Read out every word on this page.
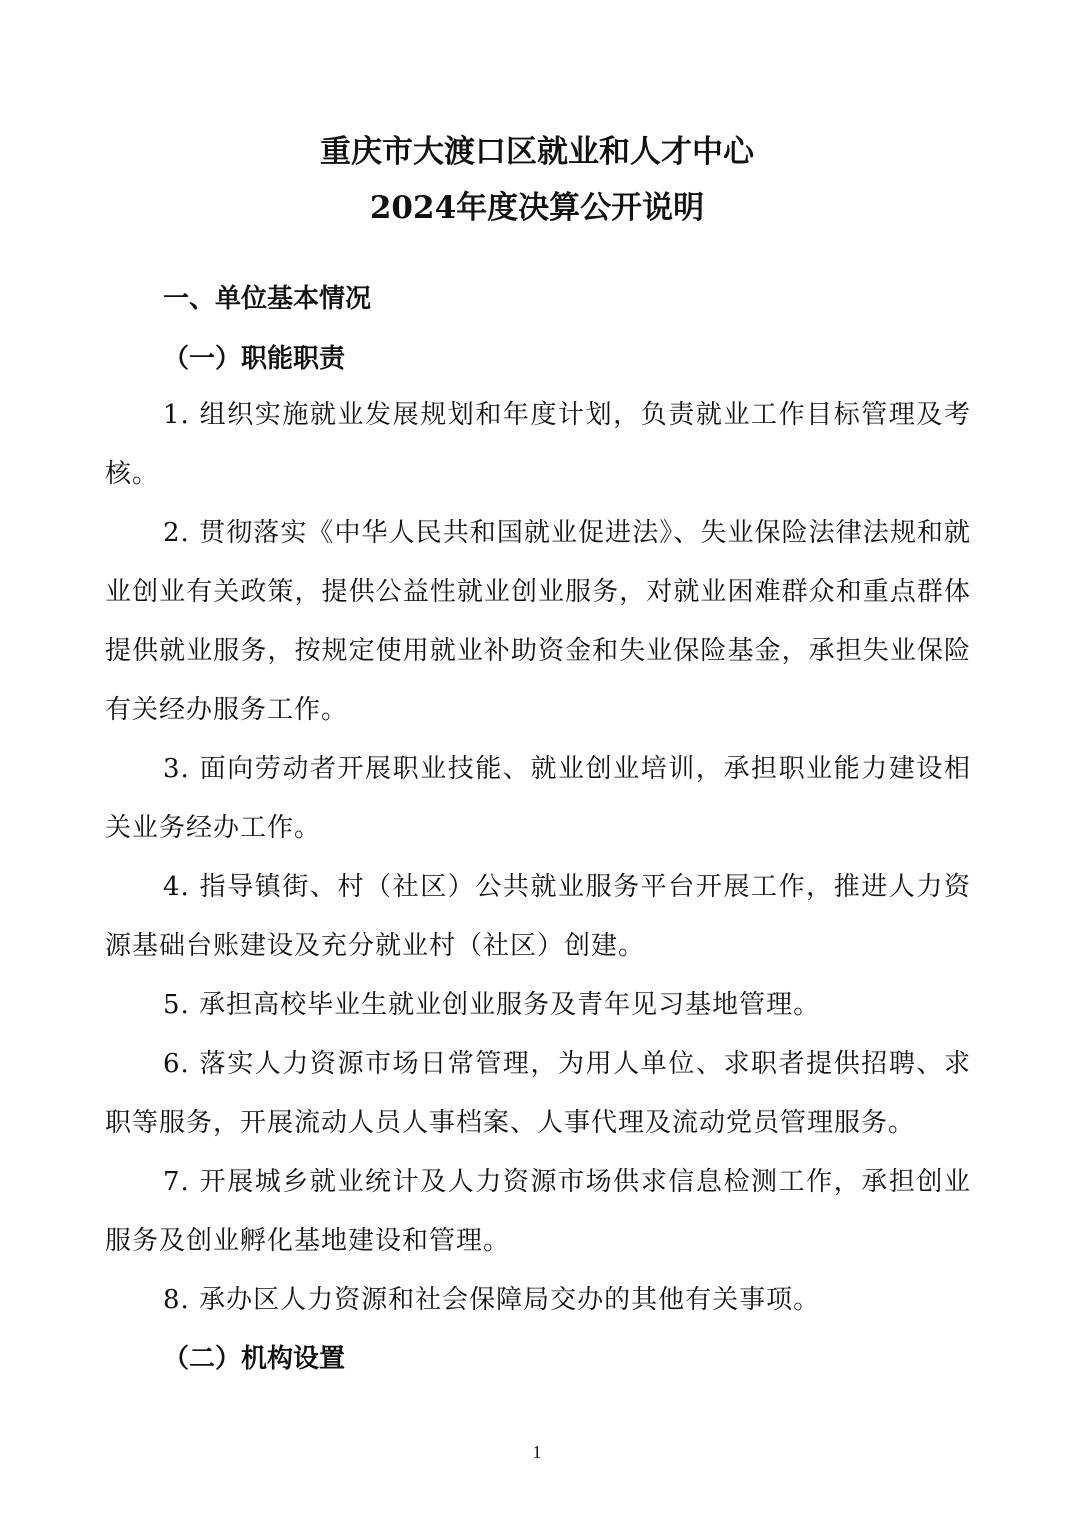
重庆市大渡口区就业和人才中心
2024年度决算公开说明
一、单位基本情况
（一）职能职责

1. 组织实施就业发展规划和年度计划，负责就业工作目标管理及考核。

2. 贯彻落实《中华人民共和国就业促进法》、失业保险法律法规和就业创业有关政策，提供公益性就业创业服务，对就业困难群众和重点群体提供就业服务，按规定使用就业补助资金和失业保险基金，承担失业保险有关经办服务工作。

3. 面向劳动者开展职业技能、就业创业培训，承担职业能力建设相关业务经办工作。

4. 指导镇街、村（社区）公共就业服务平台开展工作，推进人力资源基础台账建设及充分就业村（社区）创建。

5. 承担高校毕业生就业创业服务及青年见习基地管理。

6. 落实人力资源市场日常管理，为用人单位、求职者提供招聘、求职等服务，开展流动人员人事档案、人事代理及流动党员管理服务。

7. 开展城乡就业统计及人力资源市场供求信息检测工作，承担创业服务及创业孵化基地建设和管理。

8. 承办区人力资源和社会保障局交办的其他有关事项。

（二）机构设置
1
